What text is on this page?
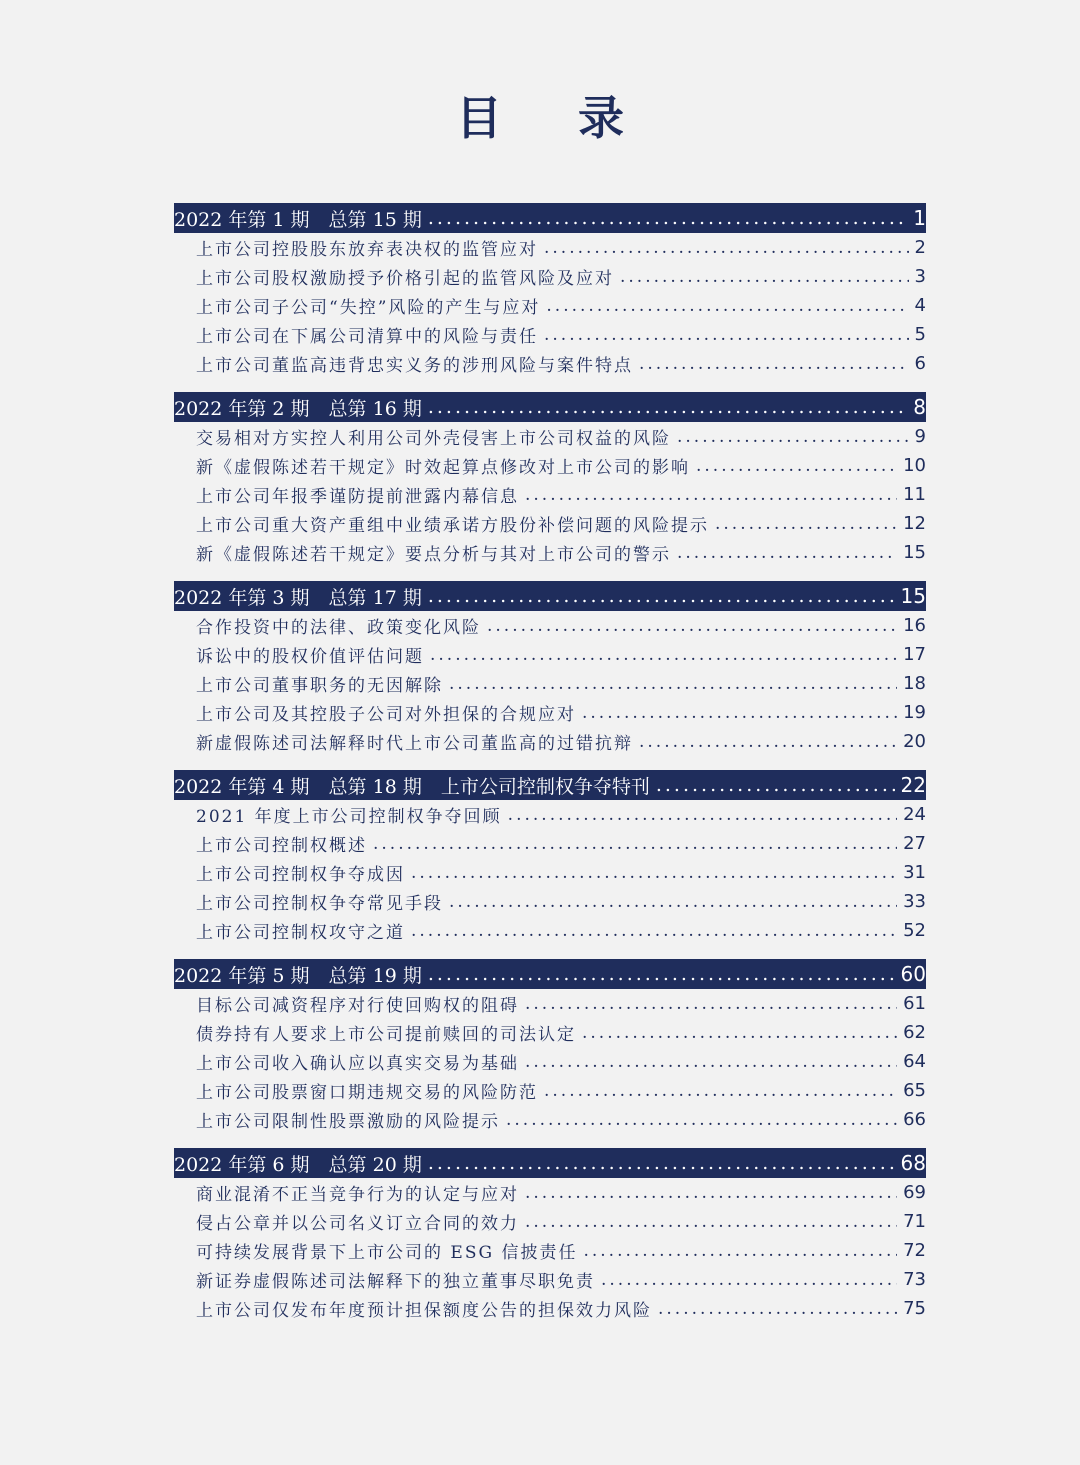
目 录
2022 年第 1 期　总第 15 期 .....	1
上市公司控股股东放弃表决权的监管应对 .....	2
上市公司股权激励授予价格引起的监管风险及应对 .....	3
上市公司子公司“失控”风险的产生与应对 .....	4
上市公司在下属公司清算中的风险与责任 .....	5
上市公司董监高违背忠实义务的涉刑风险与案件特点 .....	6
2022 年第 2 期　总第 16 期 .....	8
交易相对方实控人利用公司外壳侵害上市公司权益的风险 .....	9
新《虚假陈述若干规定》时效起算点修改对上市公司的影响 .....	10
上市公司年报季谨防提前泄露内幕信息 .....	11
上市公司重大资产重组中业绩承诺方股份补偿问题的风险提示 .....	12
新《虚假陈述若干规定》要点分析与其对上市公司的警示 .....	15
2022 年第 3 期　总第 17 期 .....	15
合作投资中的法律、政策变化风险 .....	16
诉讼中的股权价值评估问题 .....	17
上市公司董事职务的无因解除 .....	18
上市公司及其控股子公司对外担保的合规应对 .....	19
新虚假陈述司法解释时代上市公司董监高的过错抗辩 .....	20
2022 年第 4 期　总第 18 期　上市公司控制权争夺特刊 .....	22
2021 年度上市公司控制权争夺回顾 .....	24
上市公司控制权概述 .....	27
上市公司控制权争夺成因 .....	31
上市公司控制权争夺常见手段 .....	33
上市公司控制权攻守之道 .....	52
2022 年第 5 期　总第 19 期 .....	60
目标公司减资程序对行使回购权的阻碍 .....	61
债券持有人要求上市公司提前赎回的司法认定 .....	62
上市公司收入确认应以真实交易为基础 .....	64
上市公司股票窗口期违规交易的风险防范 .....	65
上市公司限制性股票激励的风险提示 .....	66
2022 年第 6 期　总第 20 期 .....	68
商业混淆不正当竞争行为的认定与应对 .....	69
侵占公章并以公司名义订立合同的效力 .....	71
可持续发展背景下上市公司的 ESG 信披责任 .....	72
新证券虚假陈述司法解释下的独立董事尽职免责 .....	73
上市公司仅发布年度预计担保额度公告的担保效力风险 .....	75
